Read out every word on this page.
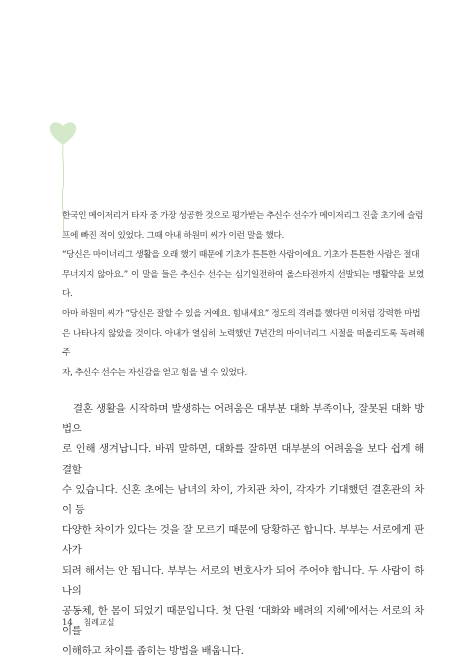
한국인 메이저리거 타자 중 가장 성공한 것으로 평가받는 추신수 선수가 메이저리그 진출 초기에 슬럼

프에 빠진 적이 있었다. 그때 아내 하원미 씨가 이런 말을 했다.

“당신은 마이너리그 생활을 오래 했기 때문에 기초가 튼튼한 사람이에요. 기초가 튼튼한 사람은 절대

무너지지 않아요.” 이 말을 들은 추신수 선수는 심기일전하여 올스타전까지 선발되는 맹활약을 보였다.

아마 하원미 씨가 “당신은 잘할 수 있을 거예요. 힘내세요” 정도의 격려를 했다면 이처럼 강력한 마법

은 나타나지 않았을 것이다. 아내가 열심히 노력했던 7년간의 마이너리그 시절을 떠올리도록 독려해 주

자, 추신수 선수는 자신감을 얻고 힘을 낼 수 있었다.

결혼 생활을 시작하며 발생하는 어려움은 대부분 대화 부족이나, 잘못된 대화 방법으

로 인해 생겨납니다. 바꿔 말하면, 대화를 잘하면 대부분의 어려움을 보다 쉽게 해결할

수 있습니다. 신혼 초에는 남녀의 차이, 가치관 차이, 각자가 기대했던 결혼관의 차이 등

다양한 차이가 있다는 것을 잘 모르기 때문에 당황하곤 합니다. 부부는 서로에게 판사가

되려 해서는 안 됩니다. 부부는 서로의 변호사가 되어 주어야 합니다. 두 사람이 하나의

공동체, 한 몸이 되었기 때문입니다. 첫 단원 ‘대화와 배려의 지혜’에서는 서로의 차이를

이해하고 차이를 좁히는 방법을 배웁니다.

14 침례교실
